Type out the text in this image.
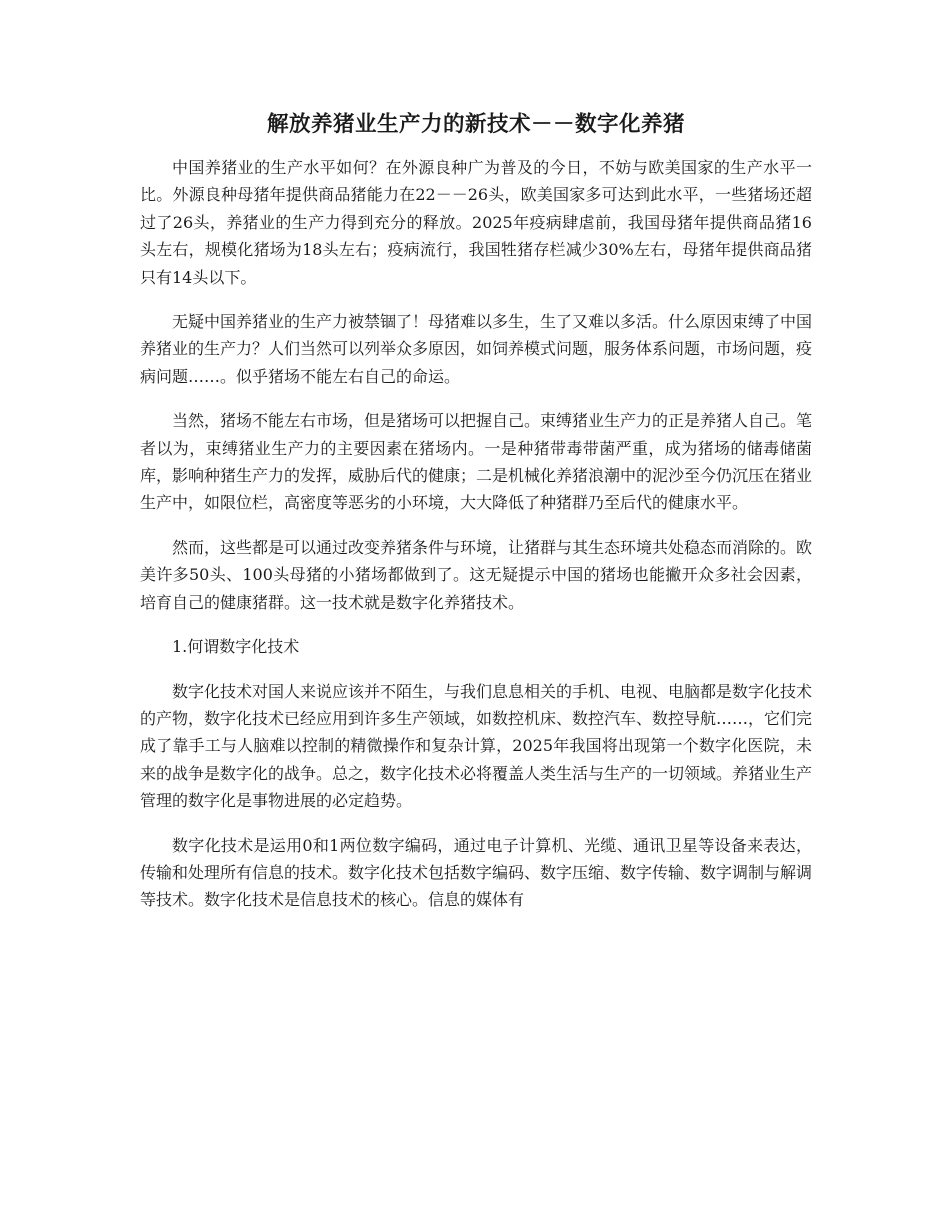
解放养猪业生产力的新技术－－数字化养猪

中国养猪业的生产水平如何？在外源良种广为普及的今日，不妨与欧美国家的生产水平一比。外源良种母猪年提供商品猪能力在22－－26头，欧美国家多可达到此水平，一些猪场还超过了26头，养猪业的生产力得到充分的释放。2025年疫病肆虐前，我国母猪年提供商品猪16头左右，规模化猪场为18头左右；疫病流行，我国牲猪存栏减少30%左右，母猪年提供商品猪只有14头以下。

无疑中国养猪业的生产力被禁锢了！母猪难以多生，生了又难以多活。什么原因束缚了中国养猪业的生产力？人们当然可以列举众多原因，如饲养模式问题，服务体系问题，市场问题，疫病问题……。似乎猪场不能左右自己的命运。

当然，猪场不能左右市场，但是猪场可以把握自己。束缚猪业生产力的正是养猪人自己。笔者以为，束缚猪业生产力的主要因素在猪场内。一是种猪带毒带菌严重，成为猪场的储毒储菌库，影响种猪生产力的发挥，威胁后代的健康；二是机械化养猪浪潮中的泥沙至今仍沉压在猪业生产中，如限位栏，高密度等恶劣的小环境，大大降低了种猪群乃至后代的健康水平。

然而，这些都是可以通过改变养猪条件与环境，让猪群与其生态环境共处稳态而消除的。欧美许多50头、100头母猪的小猪场都做到了。这无疑提示中国的猪场也能撇开众多社会因素，培育自己的健康猪群。这一技术就是数字化养猪技术。

1.何谓数字化技术

数字化技术对国人来说应该并不陌生，与我们息息相关的手机、电视、电脑都是数字化技术的产物，数字化技术已经应用到许多生产领域，如数控机床、数控汽车、数控导航……，它们完成了靠手工与人脑难以控制的精微操作和复杂计算，2025年我国将出现第一个数字化医院，未来的战争是数字化的战争。总之，数字化技术必将覆盖人类生活与生产的一切领域。养猪业生产管理的数字化是事物进展的必定趋势。

数字化技术是运用0和1两位数字编码，通过电子计算机、光缆、通讯卫星等设备来表达，传输和处理所有信息的技术。数字化技术包括数字编码、数字压缩、数字传输、数字调制与解调等技术。数字化技术是信息技术的核心。信息的媒体有
